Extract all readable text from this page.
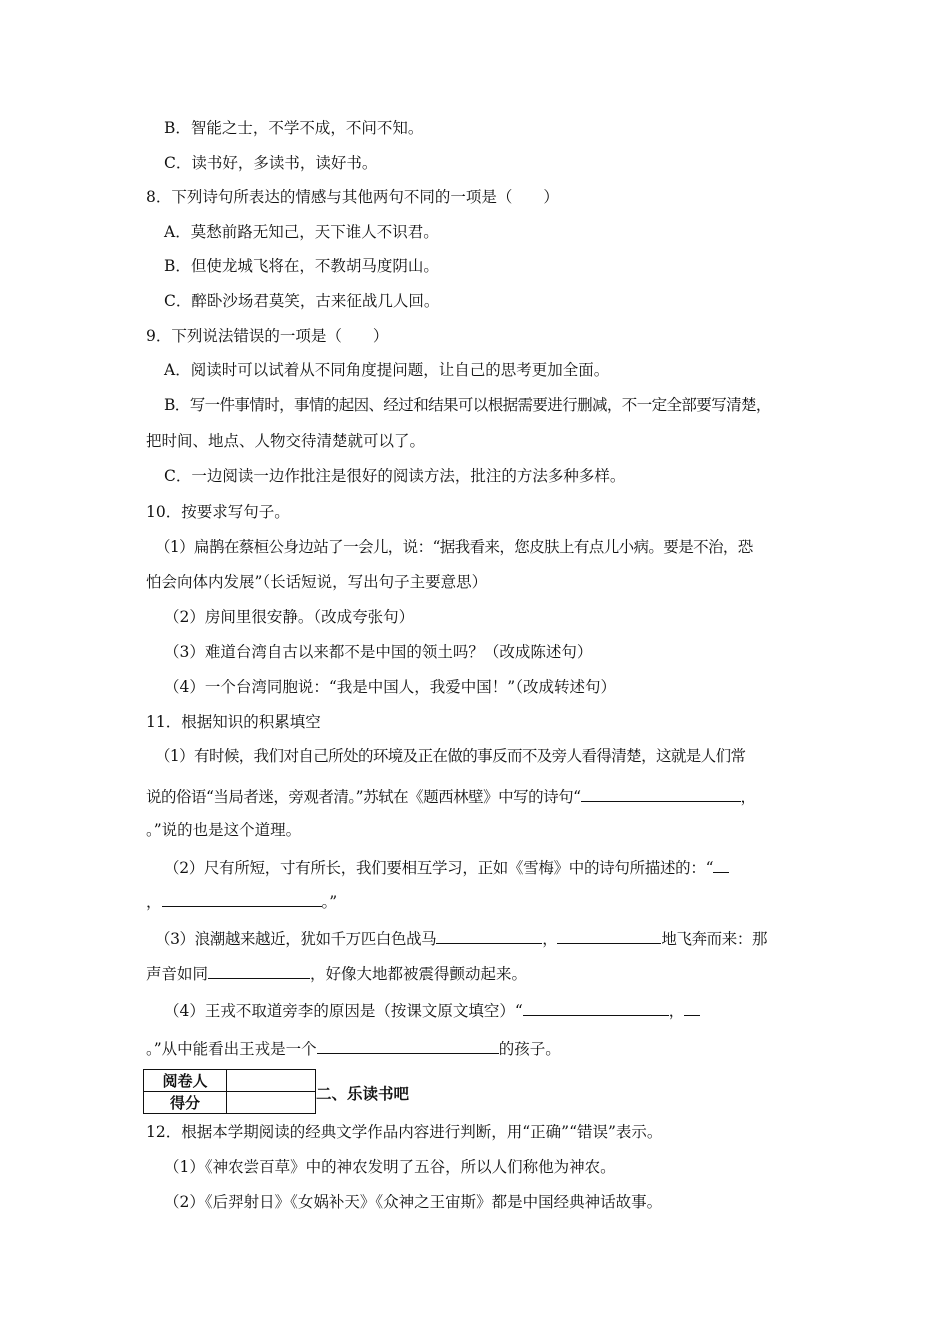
B．智能之士，不学不成，不问不知。
C．读书好，多读书，读好书。
8．下列诗句所表达的情感与其他两句不同的一项是（　　）
A．莫愁前路无知己，天下谁人不识君。
B．但使龙城飞将在，不教胡马度阴山。
C．醉卧沙场君莫笑，古来征战几人回。
9．下列说法错误的一项是（　　）
A．阅读时可以试着从不同角度提问题，让自己的思考更加全面。
B．写一件事情时，事情的起因、经过和结果可以根据需要进行删减，不一定全部要写清楚，
把时间、地点、人物交待清楚就可以了。
C．一边阅读一边作批注是很好的阅读方法，批注的方法多种多样。
10．按要求写句子。
（1）扁鹊在蔡桓公身边站了一会儿，说：“据我看来，您皮肤上有点儿小病。要是不治，恐
怕会向体内发展”（长话短说，写出句子主要意思）
（2）房间里很安静。（改成夸张句）
（3）难道台湾自古以来都不是中国的领土吗？（改成陈述句）
（4）一个台湾同胞说：“我是中国人，我爱中国！”（改成转述句）
11．根据知识的积累填空
（1）有时候，我们对自己所处的环境及正在做的事反而不及旁人看得清楚，这就是人们常
说的俗语“当局者迷，旁观者清。”苏轼在《题西林壁》中写的诗句“	，
。”说的也是这个道理。
（2）尺有所短，寸有所长，我们要相互学习，正如《雪梅》中的诗句所描述的：“
，	。”
（3）浪潮越来越近，犹如千万匹白色战马	，	地飞奔而来：那
声音如同	，好像大地都被震得颤动起来。
（4）王戎不取道旁李的原因是（按课文原文填空）“	，
。”从中能看出王戎是一个	的孩子。
阅卷人	
得分		二、乐读书吧
12．根据本学期阅读的经典文学作品内容进行判断，用“正确”“错误”表示。
（1）《神农尝百草》中的神农发明了五谷，所以人们称他为神农。
（2）《后羿射日》《女娲补天》《众神之王宙斯》都是中国经典神话故事。
